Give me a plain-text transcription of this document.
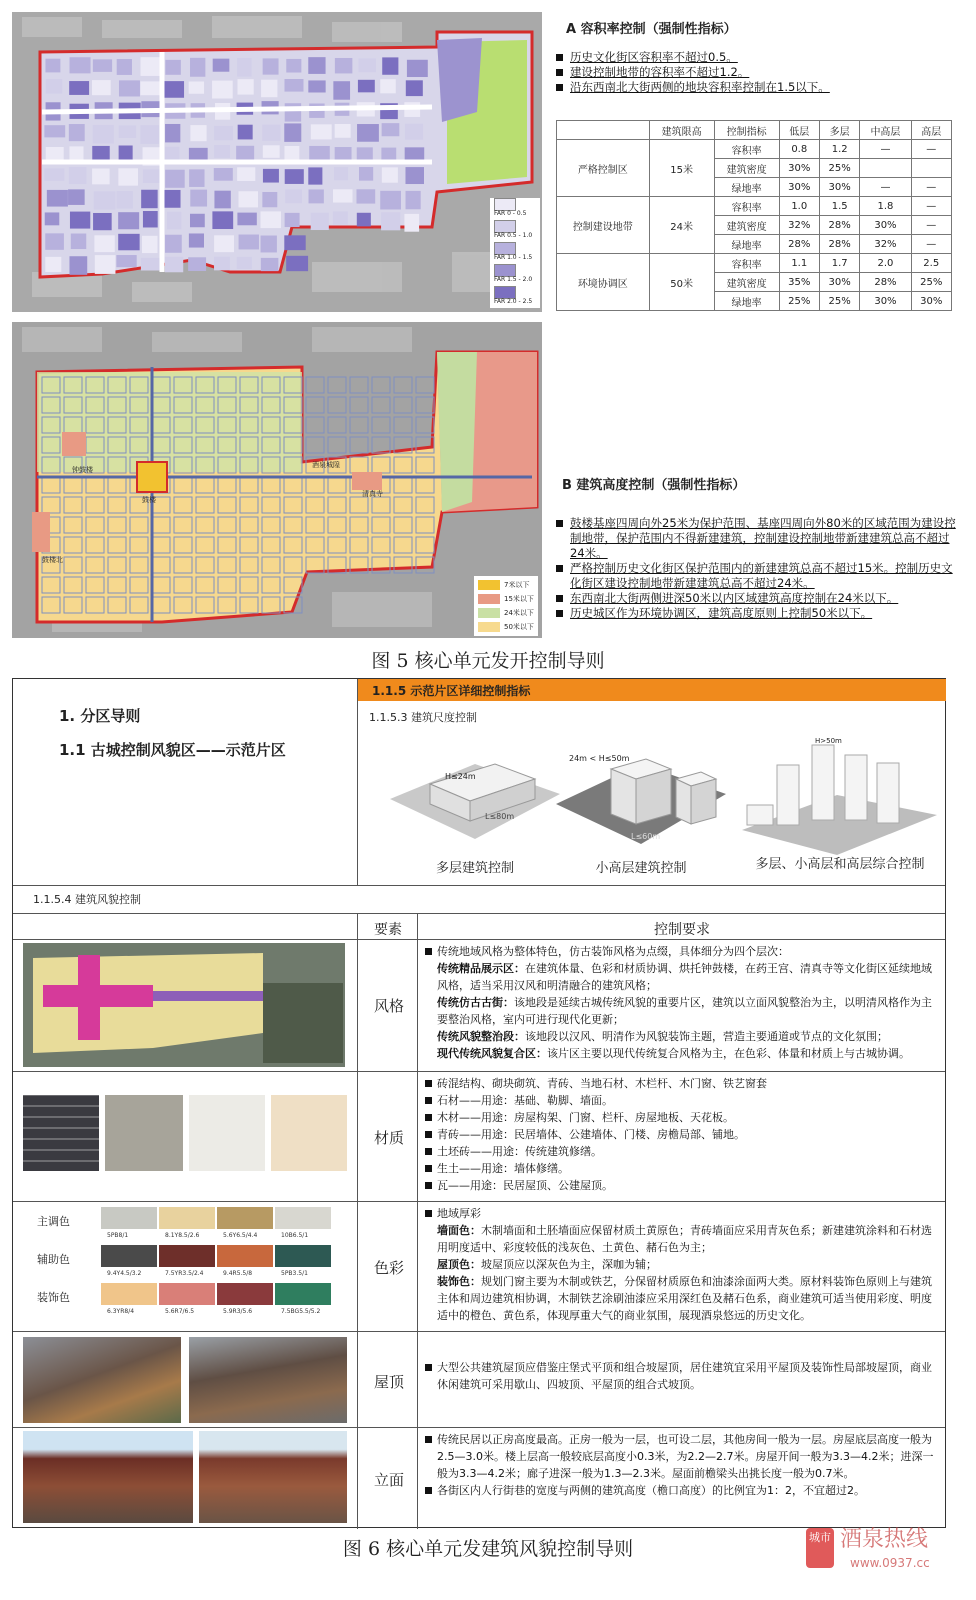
FAR 0 - 0.5
FAR 0.5 - 1.0
FAR 1.0 - 1.5
FAR 1.5 - 2.0
FAR 2.0 - 2.5
A 容积率控制（强制性指标）
历史文化街区容积率不超过0.5。
建设控制地带的容积率不超过1.2。
沿东西南北大街两侧的地块容积率控制在1.5以下。
	建筑限高	控制指标	低层	多层	中高层	高层
严格控制区	15米	容积率	0.8	1.2	—	—
		建筑密度	30%	25%		
		绿地率	30%	30%	—	—
控制建设地带	24米	容积率	1.0	1.5	1.8	—
		建筑密度	32%	28%	30%	—
		绿地率	28%	28%	32%	—
环境协调区	50米	容积率	1.1	1.7	2.0	2.5
		建筑密度	35%	30%	28%	25%
		绿地率	25%	25%	30%	30%
钟鼓楼
鼓楼
清真寺
酒泉城隍
鼓楼北
7米以下
15米以下
24米以下
50米以下
B 建筑高度控制（强制性指标）
鼓楼基座四周向外25米为保护范围、基座四周向外80米的区域范围为建设控制地带，保护范围内不得新建建筑，控制建设控制地带新建建筑总高不超过24米。
严格控制历史文化街区保护范围内的新建建筑总高不超过15米。控制历史文化街区建设控制地带新建建筑总高不超过24米。
东西南北大街两侧进深50米以内区域建筑高度控制在24米以下。
历史城区作为环境协调区，建筑高度原则上控制50米以下。
图 5 核心单元发开控制导则
1. 分区导则
1.1 古城控制风貌区——示范片区
1.1.5 示范片区详细控制指标
1.1.5.3 建筑尺度控制
H≤24m
L≤80m
多层建筑控制
24m < H≤50m
L≤60m
小高层建筑控制
H>50m
多层、小高层和高层综合控制
1.1.5.4 建筑风貌控制
要素	控制要求
风格

传统地域风格为整体特色，仿古装饰风格为点缀，具体细分为四个层次：

传统精品展示区：在建筑体量、色彩和材质协调、烘托钟鼓楼，在药王宫、清真寺等文化街区延续地域风格，适当采用汉风和明清融合的建筑风格；

传统仿古古街：该地段是延续古城传统风貌的重要片区，建筑以立面风貌整治为主，以明清风格作为主要整治风格，室内可进行现代化更新；

传统风貌整治段：该地段以汉风、明清作为风貌装饰主题，营造主要通道或节点的文化氛围；

现代传统风貌复合区：该片区主要以现代传统复合风格为主，在色彩、体量和材质上与古城协调。

材质

砖混结构、砌块砌筑、青砖、当地石材、木栏杆、木门窗、铁艺窗套

石材——用途：基础、勒脚、墙面。

木材——用途：房屋构架、门窗、栏杆、房屋地板、天花板。

青砖——用途：民居墙体、公建墙体、门楼、房檐局部、铺地。

土坯砖——用途：传统建筑修缮。

生土——用途：墙体修缮。

瓦——用途：民居屋顶、公建屋顶。

主调色
5PB8/1	8.1Y8.5/2.6	5.6Y6.5/4.4	10B6.5/1
辅助色
9.4Y4.5/3.2	7.5YR3.5/2.4	9.4R5.5/8	5PB3.5/1
装饰色
6.3YR8/4	5.6R7/6.5	5.9R3/5.6	7.5BG5.5/5.2
色彩

地域厚彩

墙面色：木制墙面和土胚墙面应保留材质土黄原色；青砖墙面应采用青灰色系；新建建筑涂料和石材选用明度适中、彩度较低的浅灰色、土黄色、赭石色为主；

屋顶色：坡屋顶应以深灰色为主，深咖为辅；

装饰色：规划门窗主要为木制或铁艺，分保留材质原色和油漆涂面两大类。原材料装饰色原则上与建筑主体和周边建筑相协调，木制铁艺涂刷油漆应采用深红色及赭石色系，商业建筑可适当使用彩度、明度适中的橙色、黄色系，体现厚重大气的商业氛围，展现酒泉悠远的历史文化。

屋顶

大型公共建筑屋顶应借鉴庄堡式平顶和组合坡屋顶，居住建筑宜采用平屋顶及装饰性局部坡屋顶，商业休闲建筑可采用歇山、四坡顶、平屋顶的组合式坡顶。

立面

传统民居以正房高度最高。正房一般为一层，也可设二层，其他房间一般为一层。房屋底层高度一般为2.5—3.0米。楼上层高一般较底层高度小0.3米，为2.2—2.7米。房屋开间一般为3.3—4.2米；进深一般为3.3—4.2米；廊子进深一般为1.3—2.3米。屋面前檐梁头出挑长度一般为0.7米。

各街区内人行街巷的宽度与两侧的建筑高度（檐口高度）的比例宜为1：2，不宜超过2。

图 6 核心单元发建筑风貌控制导则
城市 酒泉热线
www.0937.cc
